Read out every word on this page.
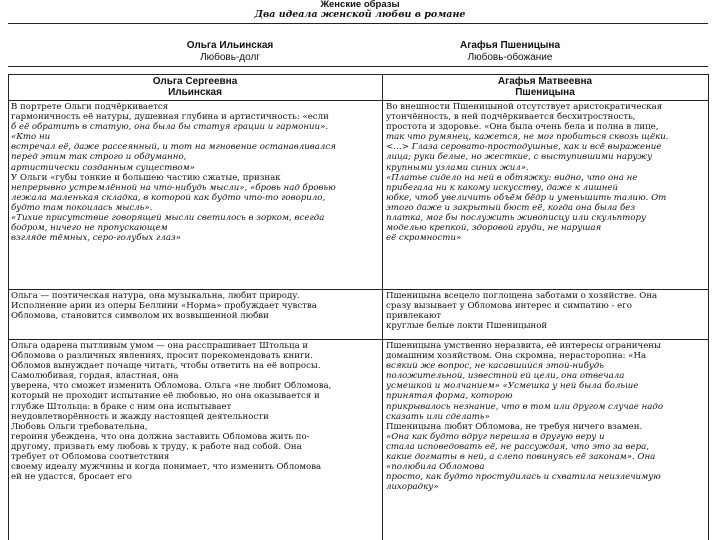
Женские образы
Два идеала женской любви в романе
Ольга Ильинская
Любовь-долг
Агафья Пшеницына
Любовь-обожание
Ольга Сергеевна
Ильинская
Агафья Матвеевна
Пшеницына
В портрете Ольги подчёркивается
гармоничность её натуры, душевная глубина и артистичность: «если
б её обратить в статую, она была бы статуя грации и гармонии».
«Кто ни
встречал её, даже рассеянный, и тот на мгновение останавливался
перед этим так строго и обдуманно,
артистически созданным существом»
У Ольги «губы тонкие и большею частию сжатые, признак
непрерывно устремлённой на что-нибудь мысли», «бровь над бровью
лежала маленькая складка, в которой как будто что-то говорило,
будто там покоилась мысль».
«Тихие присутствие говорящей мысли светилось в зорком, всегда
бодром, ничего не пропускающем
взгляде тёмных, серо-голубых глаз»
Ольга — поэтическая натура, она музыкальна, любит природу.
Исполнение арии из оперы Беллини «Норма» пробуждает чувства
Обломова, становится символом их возвышенной любви
Ольга одарена пытливым умом — она расспрашивает Штольца и
Обломова о различных явлениях, просит порекомендовать книги.
Обломов вынуждает почаще читать, чтобы ответить на её вопросы.
Самолюбивая, гордая, властная, она
уверена, что сможет изменить Обломова. Ольга «не любит Обломова,
который не проходит испытание её любовью, но она оказывается и
глубже Штольца: в браке с ним она испытывает
неудовлетворённость и жажду настоящей деятельности
Любовь Ольги требовательна,
героиня убеждена, что она должна заставить Обломова жить по-
другому, призвать ему любовь к труду, к работе над собой. Она
требует от Обломова соответствия
своему идеалу мужчины и когда понимает, что изменить Обломова
ей не удастся, бросает его
Во внешности Пшеницыной отсутствует аристократическая
утончённость, в ней подчёркивается бесхитростность,
простота и здоровье. «Она была очень бела и полна в лице,
так что румянец, кажется, не мог пробиться сквозь щёки.
<…> Глаза серовато-простодушные, как и всё выражение
лица; руки белые, но жесткие, с выступившими наружу
крупными узлами синих жил».
«Платье сидело на ней в обтяжку: видно, что она не
прибегала ни к какому искусству, даже к лишней
юбке, чтоб увеличить объём бёдр и уменьшить талию. От
этого даже и закрытый бюст её, когда она была без
платка, мог бы послужить живописцу или скульптору
моделью крепкой, здоровой груди, не нарушая
её скромности»
Пшеницына всецело поглощена заботами о хозяйстве. Она
сразу вызывает у Обломова интерес и симпатию - его
привлекают
круглые белые локти Пшеницыной
Пшеницына умственно неразвита, её интересы ограничены
домашним хозяйством. Она скромна, нерасторопна: «На
всякий же вопрос, не касавшийся этой-нибудь
положительной, известной ей цели, она отвечала
усмешкой и молчанием» «Усмешка у ней была больше
принятая форма, которою
прикрывалось незнание, что в том или другом случае надо
сказать или сделать»
Пшеницына любит Обломова, не требуя ничего взамен.
«Она как будто вдруг перешла в другую веру и
стала исповедовать её, не рассуждая, что это за вера,
какие догматы в ней, а слепо повинуясь её законам». Она
«полюбила Обломова
просто, как будто простудилась и схватила неизлечимую
лихорадку»
